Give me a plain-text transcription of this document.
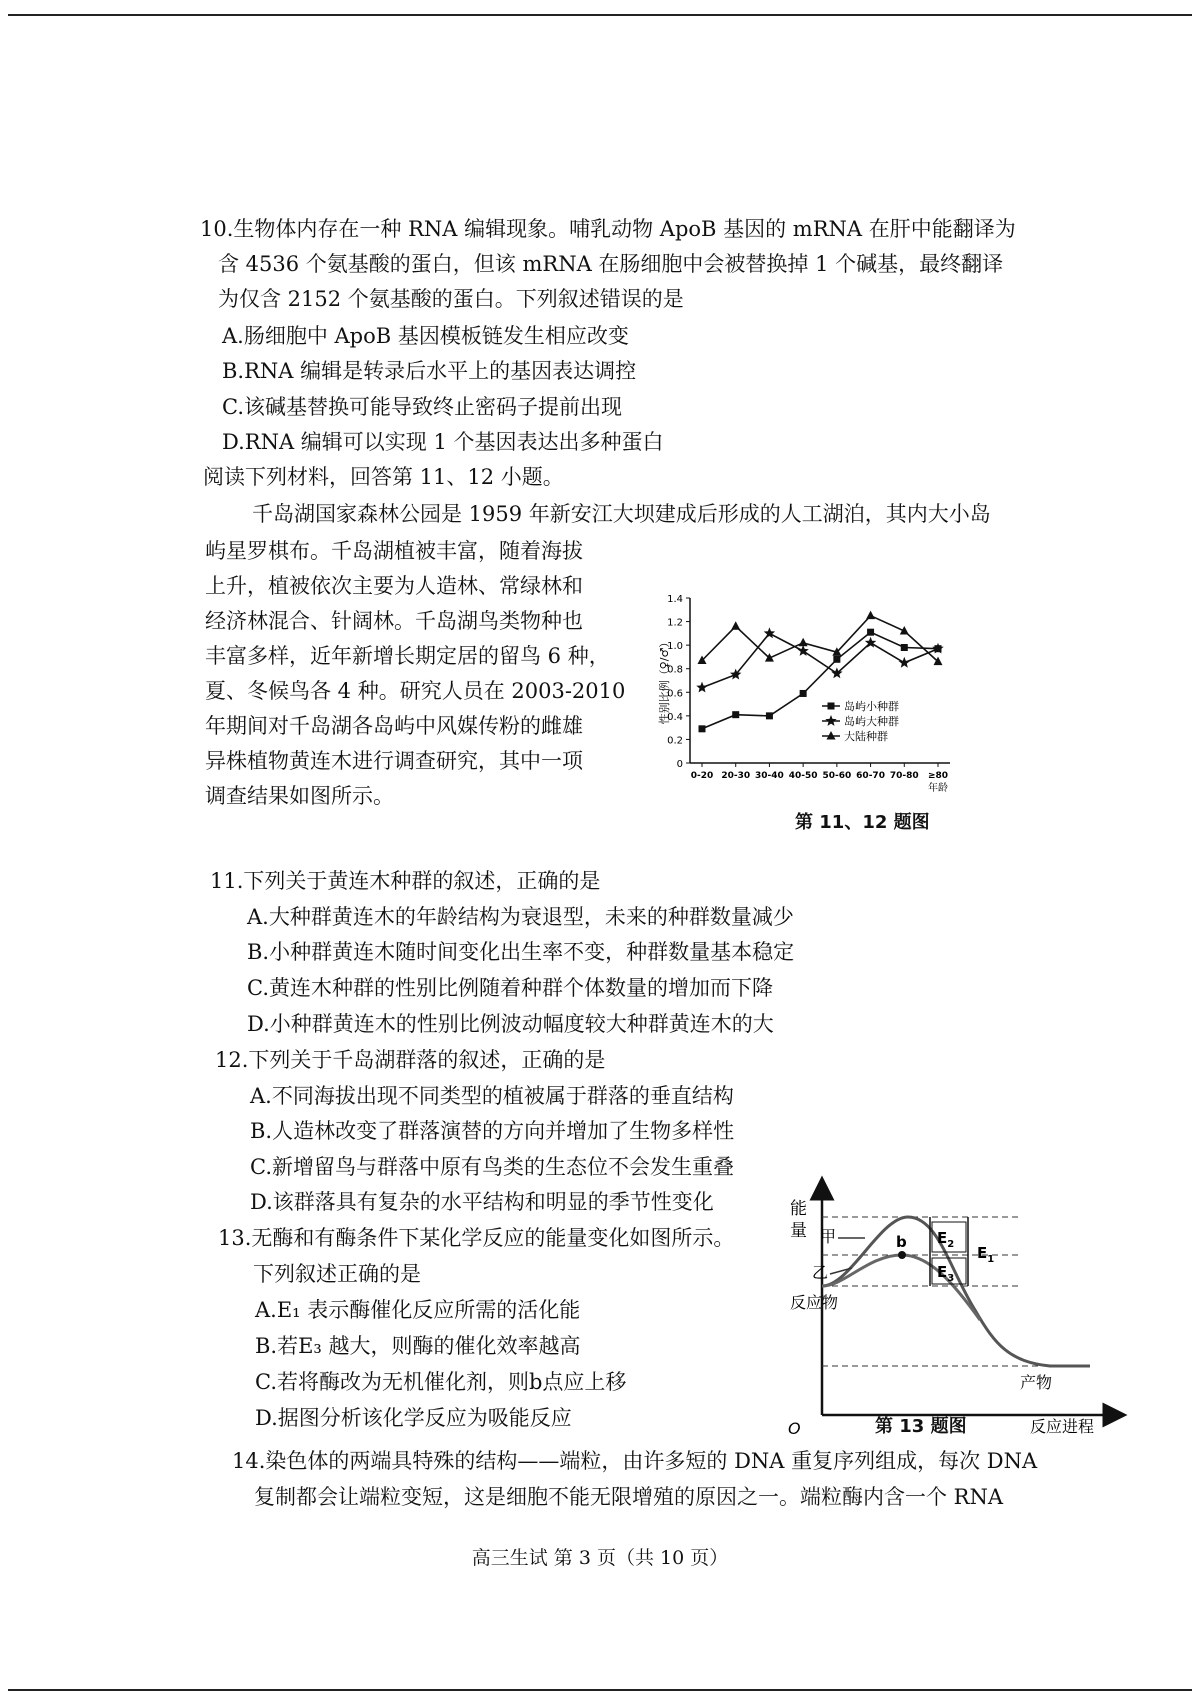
10.生物体内存在一种 RNA 编辑现象。哺乳动物 ApoB 基因的 mRNA 在肝中能翻译为
含 4536 个氨基酸的蛋白，但该 mRNA 在肠细胞中会被替换掉 1 个碱基，最终翻译
为仅含 2152 个氨基酸的蛋白。下列叙述错误的是
A.肠细胞中 ApoB 基因模板链发生相应改变
B.RNA 编辑是转录后水平上的基因表达调控
C.该碱基替换可能导致终止密码子提前出现
D.RNA 编辑可以实现 1 个基因表达出多种蛋白
阅读下列材料，回答第 11、12 小题。
千岛湖国家森林公园是 1959 年新安江大坝建成后形成的人工湖泊，其内大小岛
屿星罗棋布。千岛湖植被丰富，随着海拔
上升，植被依次主要为人造林、常绿林和
经济林混合、针阔林。千岛湖鸟类物种也
丰富多样，近年新增长期定居的留鸟 6 种，
夏、冬候鸟各 4 种。研究人员在 2003-2010
年期间对千岛湖各岛屿中风媒传粉的雌雄
异株植物黄连木进行调查研究，其中一项
调查结果如图所示。
0
0.2
0.4
0.6
0.8
1.0
1.2
1.4
0-20 20-30 30-40 40-50 50-60 60-70 70-80 ≥80
年龄
性别比例（♀/♂）	岛屿小种群
岛屿大种群
大陆种群
第 11、12 题图
11.下列关于黄连木种群的叙述，正确的是
A.大种群黄连木的年龄结构为衰退型，未来的种群数量减少
B.小种群黄连木随时间变化出生率不变，种群数量基本稳定
C.黄连木种群的性别比例随着种群个体数量的增加而下降
D.小种群黄连木的性别比例波动幅度较大种群黄连木的大
12.下列关于千岛湖群落的叙述，正确的是
A.不同海拔出现不同类型的植被属于群落的垂直结构
B.人造林改变了群落演替的方向并增加了生物多样性
C.新增留鸟与群落中原有鸟类的生态位不会发生重叠
D.该群落具有复杂的水平结构和明显的季节性变化
13.无酶和有酶条件下某化学反应的能量变化如图所示。
下列叙述正确的是
A.E₁ 表示酶催化反应所需的活化能
B.若E₃ 越大，则酶的催化效率越高
C.若将酶改为无机催化剂，则b点应上移
D.据图分析该化学反应为吸能反应
能
量
b
甲
乙
反应物
产物
O
$E_2$
$E_3$
$E_1$
反应进程
第 13 题图
14.染色体的两端具特殊的结构——端粒，由许多短的 DNA 重复序列组成，每次 DNA
复制都会让端粒变短，这是细胞不能无限增殖的原因之一。端粒酶内含一个 RNA
高三生试 第 3 页（共 10 页）
